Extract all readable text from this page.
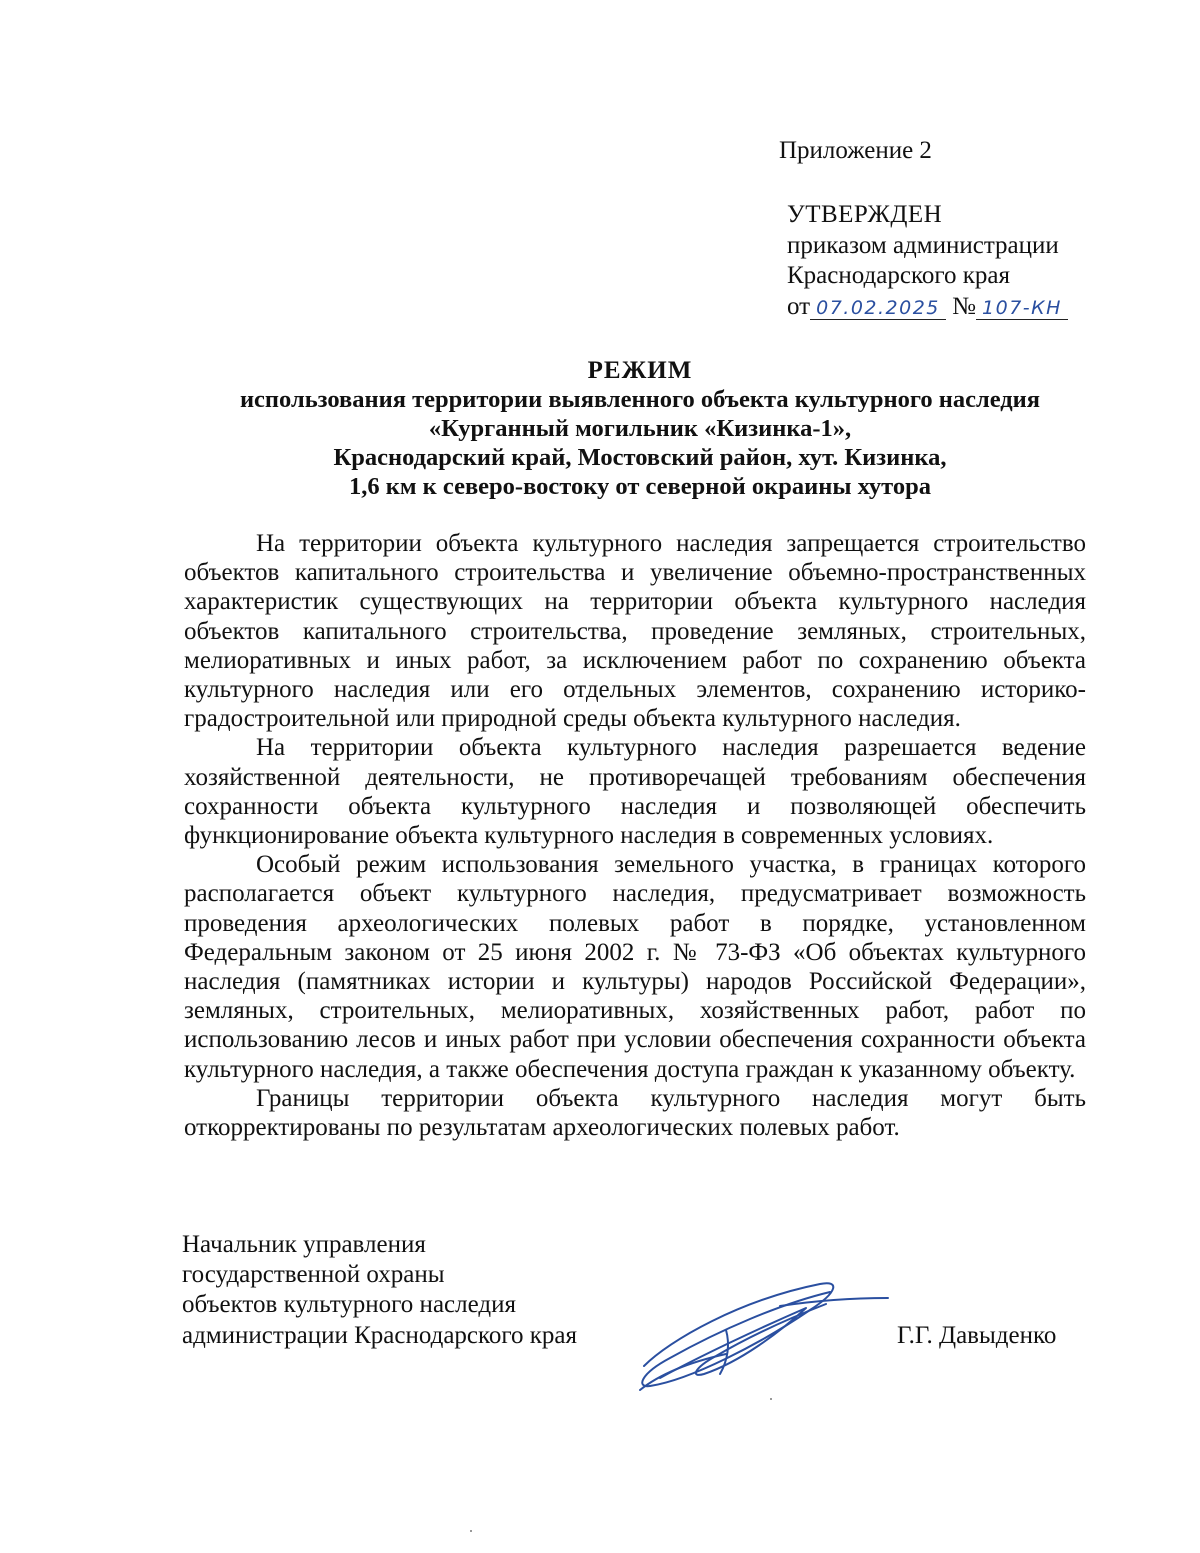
Приложение 2
УТВЕРЖДЕН
приказом администрации
Краснодарского края
от 07.02.2025 № 107-КН
РЕЖИМ
использования территории выявленного объекта культурного наследия
«Курганный могильник «Кизинка-1»,
Краснодарский край, Мостовский район, хут. Кизинка,
1,6 км к северо-востоку от северной окраины хутора

На территории объекта культурного наследия запрещается строительство объектов капитального строительства и увеличение объемно-пространственных характеристик существующих на территории объекта культурного наследия объектов капитального строительства, проведение земляных, строительных, мелиоративных и иных работ, за исключением работ по сохранению объекта культурного наследия или его отдельных элементов, сохранению историко-градостроительной или природной среды объекта культурного наследия.

На территории объекта культурного наследия разрешается ведение хозяйственной деятельности, не противоречащей требованиям обеспечения сохранности объекта культурного наследия и позволяющей обеспечить функционирование объекта культурного наследия в современных условиях.

Особый режим использования земельного участка, в границах которого располагается объект культурного наследия, предусматривает возможность проведения археологических полевых работ в порядке, установленном Федеральным законом от 25 июня 2002 г. № 73-ФЗ «Об объектах культурного наследия (памятниках истории и культуры) народов Российской Федерации», земляных, строительных, мелиоративных, хозяйственных работ, работ по использованию лесов и иных работ при условии обеспечения сохранности объекта культурного наследия, а также обеспечения доступа граждан к указанному объекту.

Границы территории объекта культурного наследия могут быть откорректированы по результатам археологических полевых работ.

Начальник управления
государственной охраны
объектов культурного наследия
администрации Краснодарского края	Г.Г. Давыденко
